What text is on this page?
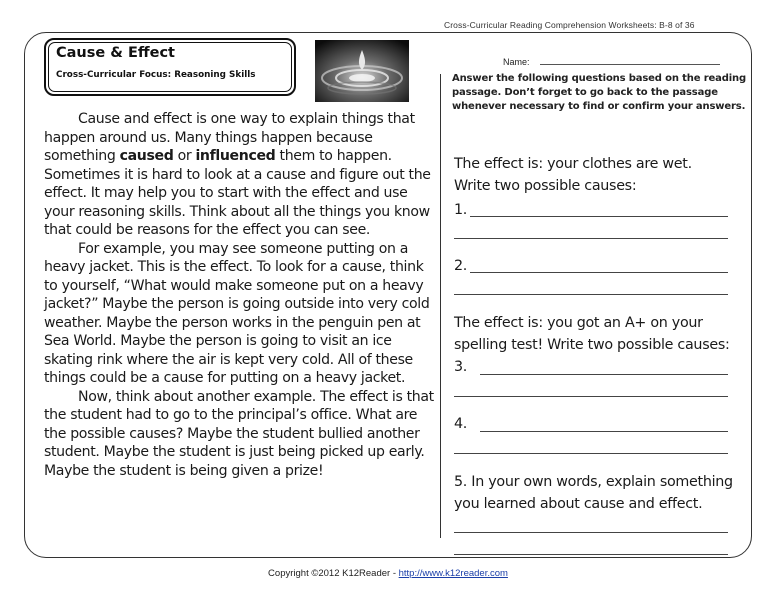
Cross-Curricular Reading Comprehension Worksheets: B-8 of 36
Cause & Effect
Cross-Curricular Focus: Reasoning Skills
Name:
Answer the following questions based on the reading passage. Don’t forget to go back to the passage whenever necessary to find or confirm your answers.

Cause and effect is one way to explain things that happen around us. Many things happen because something caused or influenced them to happen. Sometimes it is hard to look at a cause and figure out the effect. It may help you to start with the effect and use your reasoning skills. Think about all the things you know that could be reasons for the effect you can see.

For example, you may see someone putting on a heavy jacket. This is the effect. To look for a cause, think to yourself, “What would make someone put on a heavy jacket?” Maybe the person is going outside into very cold weather. Maybe the person works in the penguin pen at Sea World. Maybe the person is going to visit an ice skating rink where the air is kept very cold. All of these things could be a cause for putting on a heavy jacket.

Now, think about another example. The effect is that the student had to go to the principal’s office. What are the possible causes? Maybe the student bullied another student. Maybe the student is just being picked up early. Maybe the student is being given a prize!

The effect is: your clothes are wet.
Write two possible causes:
1.
2.
The effect is: you got an A+ on your
spelling test! Write two possible causes:
3.
4.
5. In your own words, explain something
you learned about cause and effect.
Copyright ©2012 K12Reader - http://www.k12reader.com
